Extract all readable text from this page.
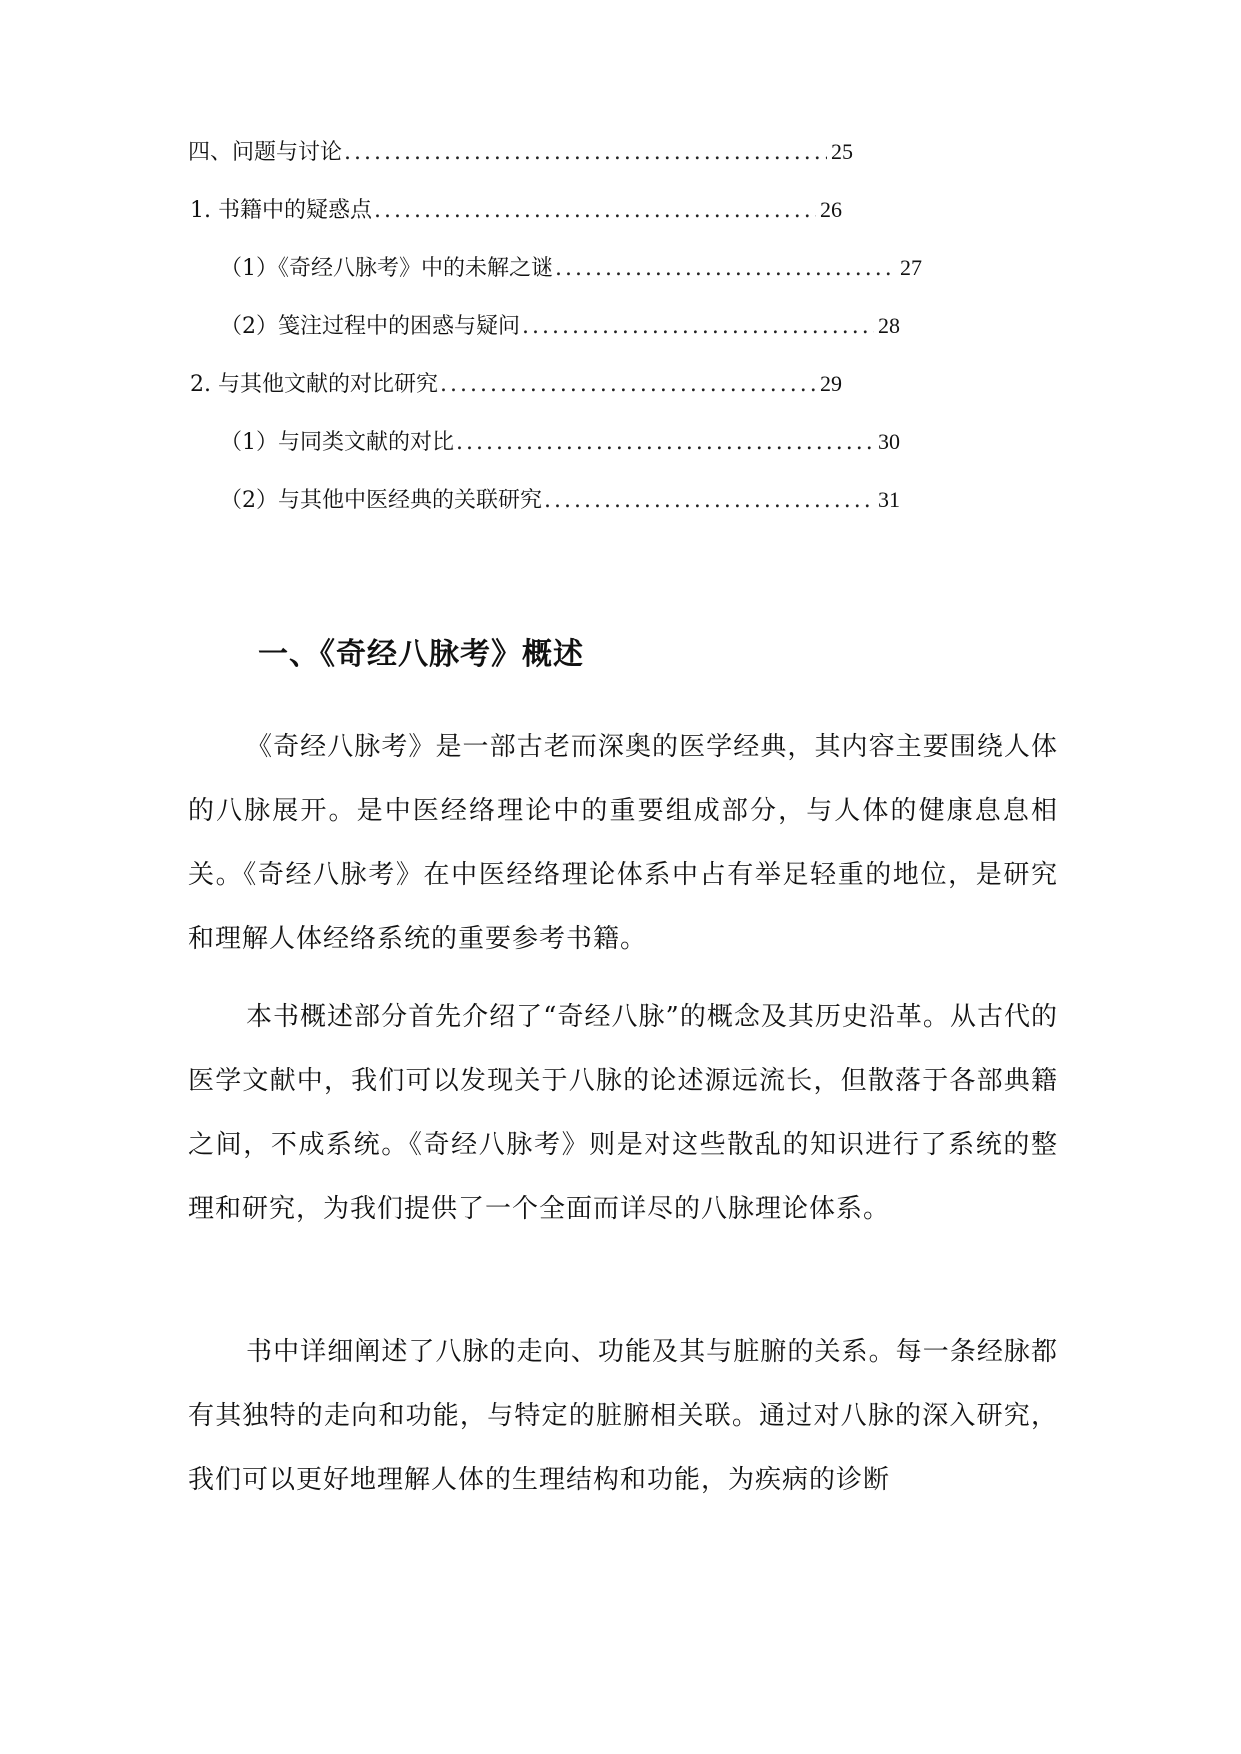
四、问题与讨论 .....	25
1. 书籍中的疑惑点 .....	26
（1）《奇经八脉考》中的未解之谜 .....	27
（2）笺注过程中的困惑与疑问 .....	28
2. 与其他文献的对比研究 .....	29
（1）与同类文献的对比 .....	30
（2）与其他中医经典的关联研究 .....	31
一、《奇经八脉考》概述

《奇经八脉考》是一部古老而深奥的医学经典，其内容主要围绕人体的八脉展开。是中医经络理论中的重要组成部分，与人体的健康息息相关。《奇经八脉考》在中医经络理论体系中占有举足轻重的地位，是研究和理解人体经络系统的重要参考书籍。

本书概述部分首先介绍了“奇经八脉”的概念及其历史沿革。从古代的医学文献中，我们可以发现关于八脉的论述源远流长，但散落于各部典籍之间，不成系统。《奇经八脉考》则是对这些散乱的知识进行了系统的整理和研究，为我们提供了一个全面而详尽的八脉理论体系。

书中详细阐述了八脉的走向、功能及其与脏腑的关系。每一条经脉都有其独特的走向和功能，与特定的脏腑相关联。通过对八脉的深入研究，我们可以更好地理解人体的生理结构和功能，为疾病的诊断
